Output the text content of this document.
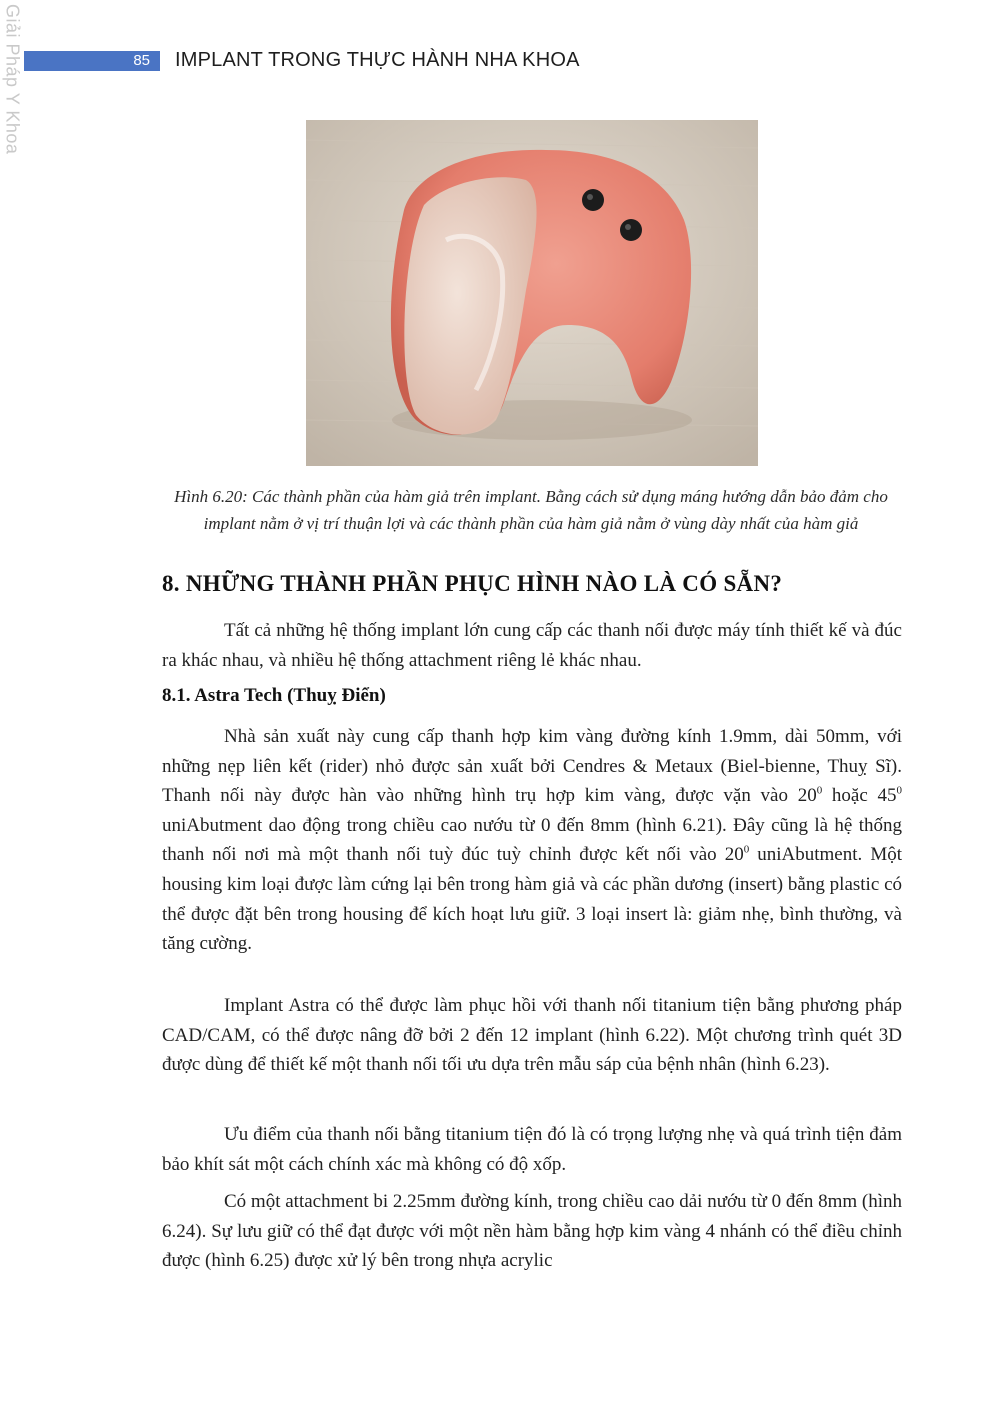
Giải Pháp Y Khoa	85 IMPLANT TRONG THỰC HÀNH NHA KHOA
Hình 6.20: Các thành phần của hàm giả trên implant. Bằng cách sử dụng máng hướng dẫn bảo đảm cho implant nằm ở vị trí thuận lợi và các thành phần của hàm giả nằm ở vùng dày nhất của hàm giả
8. NHỮNG THÀNH PHẦN PHỤC HÌNH NÀO LÀ CÓ SẴN?

Tất cả những hệ thống implant lớn cung cấp các thanh nối được máy tính thiết kế và đúc ra khác nhau, và nhiều hệ thống attachment riêng lẻ khác nhau.

8.1. Astra Tech (Thuỵ Điển)

Nhà sản xuất này cung cấp thanh hợp kim vàng đường kính 1.9mm, dài 50mm, với những nẹp liên kết (rider) nhỏ được sản xuất bởi Cendres & Metaux (Biel-bienne, Thuỵ Sĩ). Thanh nối này được hàn vào những hình trụ hợp kim vàng, được vặn vào $20^0$ hoặc $45^0$ uniAbutment dao động trong chiều cao nướu từ 0 đến 8mm (hình 6.21). Đây cũng là hệ thống thanh nối nơi mà một thanh nối tuỳ đúc tuỳ chỉnh được kết nối vào $20^0$ uniAbutment. Một housing kim loại được làm cứng lại bên trong hàm giả và các phần dương (insert) bằng plastic có thể được đặt bên trong housing để kích hoạt lưu giữ. 3 loại insert là: giảm nhẹ, bình thường, và tăng cường.

Implant Astra có thể được làm phục hồi với thanh nối titanium tiện bằng phương pháp CAD/CAM, có thể được nâng đỡ bởi 2 đến 12 implant (hình 6.22). Một chương trình quét 3D được dùng để thiết kế một thanh nối tối ưu dựa trên mẫu sáp của bệnh nhân (hình 6.23).

Ưu điểm của thanh nối bằng titanium tiện đó là có trọng lượng nhẹ và quá trình tiện đảm bảo khít sát một cách chính xác mà không có độ xốp.

Có một attachment bi 2.25mm đường kính, trong chiều cao dải nướu từ 0 đến 8mm (hình 6.24). Sự lưu giữ có thể đạt được với một nền hàm bằng hợp kim vàng 4 nhánh có thể điều chỉnh được (hình 6.25) được xử lý bên trong nhựa acrylic
